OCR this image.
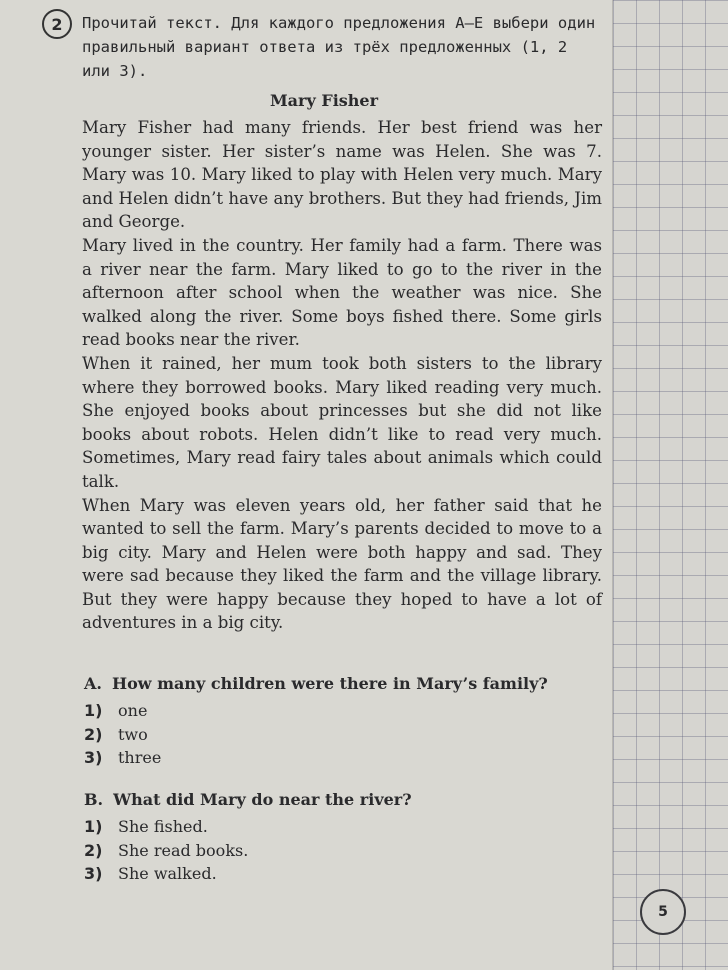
2	Прочитай текст. Для каждого предложения А–Е выбери один правильный вариант ответа из трёх предложенных (1, 2 или 3).

Mary Fisher

Mary Fisher had many friends. Her best friend was her younger sister. Her sister’s name was Helen. She was 7. Mary was 10. Mary liked to play with Helen very much. Mary and Helen didn’t have any brothers. But they had friends, Jim and George.

Mary lived in the country. Her family had a farm. There was a river near the farm. Mary liked to go to the river in the afternoon after school when the weather was nice. She walked along the river. Some boys fished there. Some girls read books near the river.

When it rained, her mum took both sisters to the library where they borrowed books. Mary liked reading very much. She enjoyed books about princesses but she did not like books about robots. Helen didn’t like to read very much. Sometimes, Mary read fairy tales about animals which could talk.

When Mary was eleven years old, her father said that he wanted to sell the farm. Mary’s parents decided to move to a big city. Mary and Helen were both happy and sad. They were sad because they liked the farm and the village library. But they were happy because they hoped to have a lot of adventures in a big city.

A. How many children were there in Mary’s family?

1) one

2) two

3) three

B. What did Mary do near the river?

1) She fished.

2) She read books.

3) She walked.

5
